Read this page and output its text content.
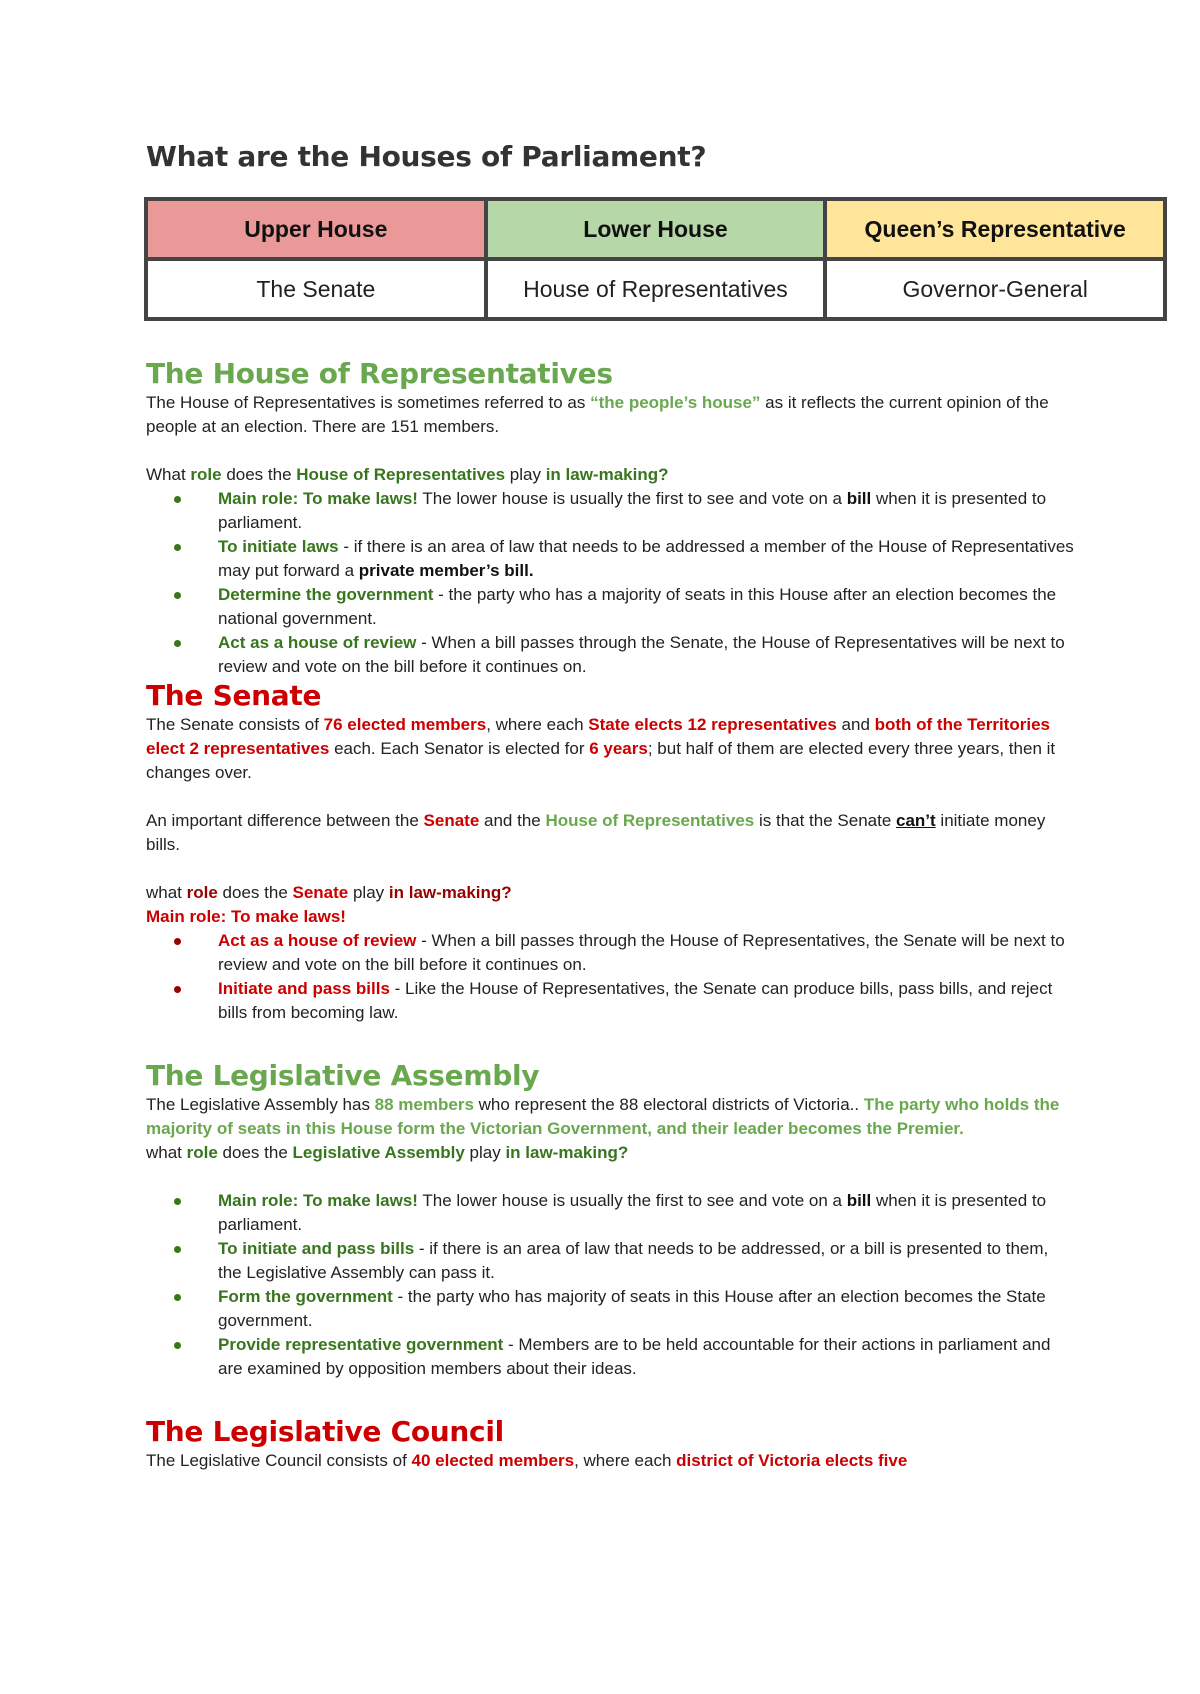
What are the Houses of Parliament?
Upper House	Lower House	Queen’s Representative
The Senate	House of Representatives	Governor-General
The House of Representatives

The House of Representatives is sometimes referred to as “the people’s house” as it reflects the current opinion of the people at an election. There are 151 members.

What role does the House of Representatives play in law-making?

Main role: To make laws! The lower house is usually the first to see and vote on a bill when it is presented to parliament.
To initiate laws - if there is an area of law that needs to be addressed a member of the House of Representatives may put forward a private member’s bill.
Determine the government - the party who has a majority of seats in this House after an election becomes the national government.
Act as a house of review - When a bill passes through the Senate, the House of Representatives will be next to review and vote on the bill before it continues on.
The Senate

The Senate consists of 76 elected members, where each State elects 12 representatives and both of the Territories elect 2 representatives each. Each Senator is elected for 6 years; but half of them are elected every three years, then it changes over.

An important difference between the Senate and the House of Representatives is that the Senate can’t initiate money bills.

what role does the Senate play in law-making?

Main role: To make laws!

Act as a house of review - When a bill passes through the House of Representatives, the Senate will be next to review and vote on the bill before it continues on.
Initiate and pass bills - Like the House of Representatives, the Senate can produce bills, pass bills, and reject bills from becoming law.
The Legislative Assembly

The Legislative Assembly has 88 members who represent the 88 electoral districts of Victoria.. The party who holds the majority of seats in this House form the Victorian Government, and their leader becomes the Premier.

what role does the Legislative Assembly play in law-making?

Main role: To make laws! The lower house is usually the first to see and vote on a bill when it is presented to parliament.
To initiate and pass bills - if there is an area of law that needs to be addressed, or a bill is presented to them, the Legislative Assembly can pass it.
Form the government - the party who has majority of seats in this House after an election becomes the State government.
Provide representative government - Members are to be held accountable for their actions in parliament and are examined by opposition members about their ideas.
The Legislative Council

The Legislative Council consists of 40 elected members, where each district of Victoria elects five
